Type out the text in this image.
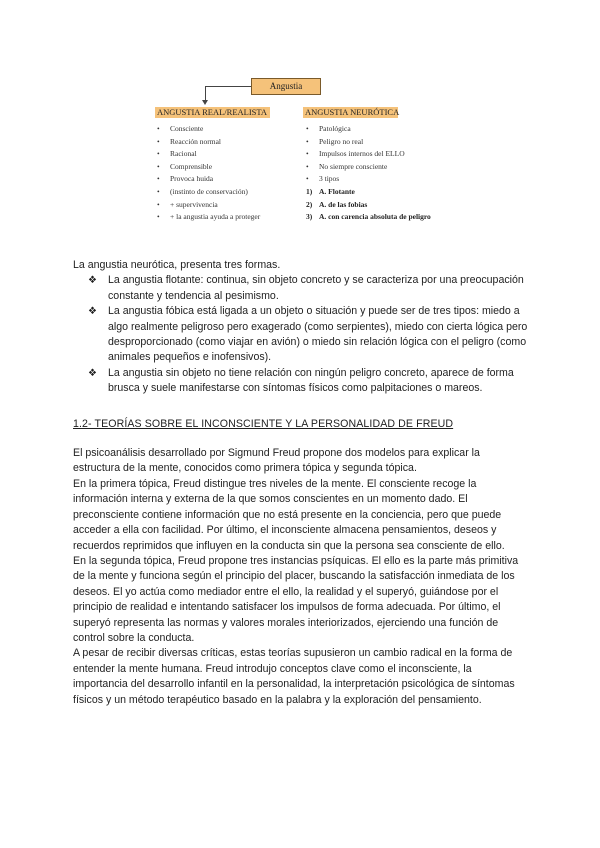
Angustia
ANGUSTIA REAL/REALISTA
•	Consciente
•	Reacción normal
•	Racional
•	Comprensible
•	Provoca huida
•	(instinto de conservación)
•	+ supervivencia
•	+ la angustia ayuda a proteger
ANGUSTIA NEURÓTICA
•	Patológica
•	Peligro no real
•	Impulsos internos del ELLO
•	No siempre consciente
•	3 tipos
1) A. Flotante
2) A. de las fobias
3) A. con carencia absoluta de peligro

La angustia neurótica, presenta tres formas.

❖ La angustia flotante: continua, sin objeto concreto y se caracteriza por una preocupación constante y tendencia al pesimismo.
❖ La angustia fóbica está ligada a un objeto o situación y puede ser de tres tipos: miedo a algo realmente peligroso pero exagerado (como serpientes), miedo con cierta lógica pero desproporcionado (como viajar en avión) o miedo sin relación lógica con el peligro (como animales pequeños e inofensivos).
❖ La angustia sin objeto no tiene relación con ningún peligro concreto, aparece de forma brusca y suele manifestarse con síntomas físicos como palpitaciones o mareos.

1.2- TEORÍAS SOBRE EL INCONSCIENTE Y LA PERSONALIDAD DE FREUD

El psicoanálisis desarrollado por Sigmund Freud propone dos modelos para explicar la estructura de la mente, conocidos como primera tópica y segunda tópica.

En la primera tópica, Freud distingue tres niveles de la mente. El consciente recoge la información interna y externa de la que somos conscientes en un momento dado. El preconsciente contiene información que no está presente en la conciencia, pero que puede acceder a ella con facilidad. Por último, el inconsciente almacena pensamientos, deseos y recuerdos reprimidos que influyen en la conducta sin que la persona sea consciente de ello.

En la segunda tópica, Freud propone tres instancias psíquicas. El ello es la parte más primitiva de la mente y funciona según el principio del placer, buscando la satisfacción inmediata de los deseos. El yo actúa como mediador entre el ello, la realidad y el superyó, guiándose por el principio de realidad e intentando satisfacer los impulsos de forma adecuada. Por último, el superyó representa las normas y valores morales interiorizados, ejerciendo una función de control sobre la conducta.

A pesar de recibir diversas críticas, estas teorías supusieron un cambio radical en la forma de entender la mente humana. Freud introdujo conceptos clave como el inconsciente, la importancia del desarrollo infantil en la personalidad, la interpretación psicológica de síntomas físicos y un método terapéutico basado en la palabra y la exploración del pensamiento.
